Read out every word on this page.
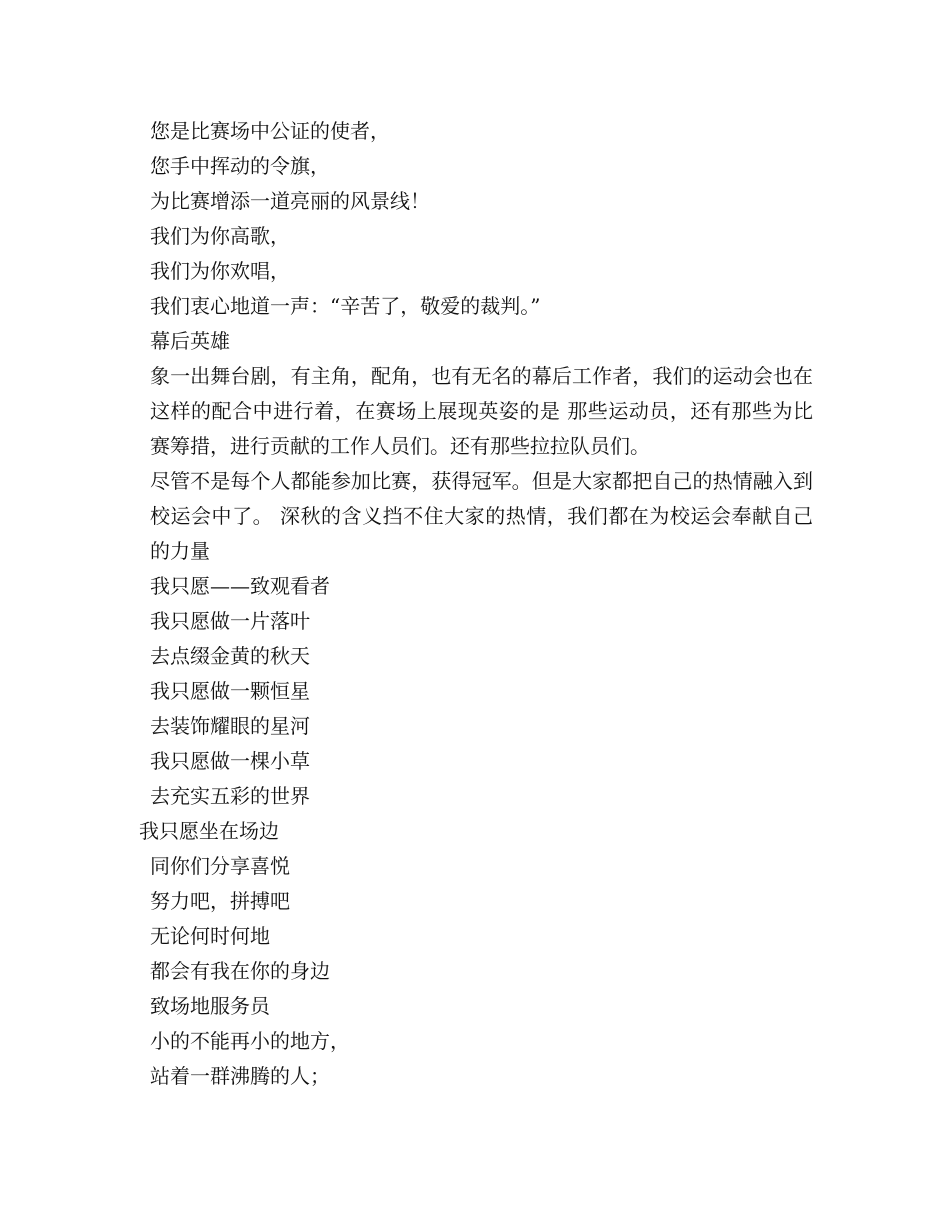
您是比赛场中公证的使者，
您手中挥动的令旗，
为比赛增添一道亮丽的风景线！
我们为你高歌，
我们为你欢唱，
我们衷心地道一声：“辛苦了，敬爱的裁判。”
幕后英雄

象一出舞台剧，有主角，配角，也有无名的幕后工作者，我们的运动会也在这样的配合中进行着，在赛场上展现英姿的是 那些运动员，还有那些为比赛筹措，进行贡献的工作人员们。还有那些拉拉队员们。

尽管不是每个人都能参加比赛，获得冠军。但是大家都把自己的热情融入到校运会中了。 深秋的含义挡不住大家的热情，我们都在为校运会奉献自己的力量

我只愿——致观看者
我只愿做一片落叶
去点缀金黄的秋天
我只愿做一颗恒星
去装饰耀眼的星河
我只愿做一棵小草
去充实五彩的世界
我只愿坐在场边
同你们分享喜悦
努力吧，拼搏吧
无论何时何地
都会有我在你的身边
致场地服务员
小的不能再小的地方，
站着一群沸腾的人；
